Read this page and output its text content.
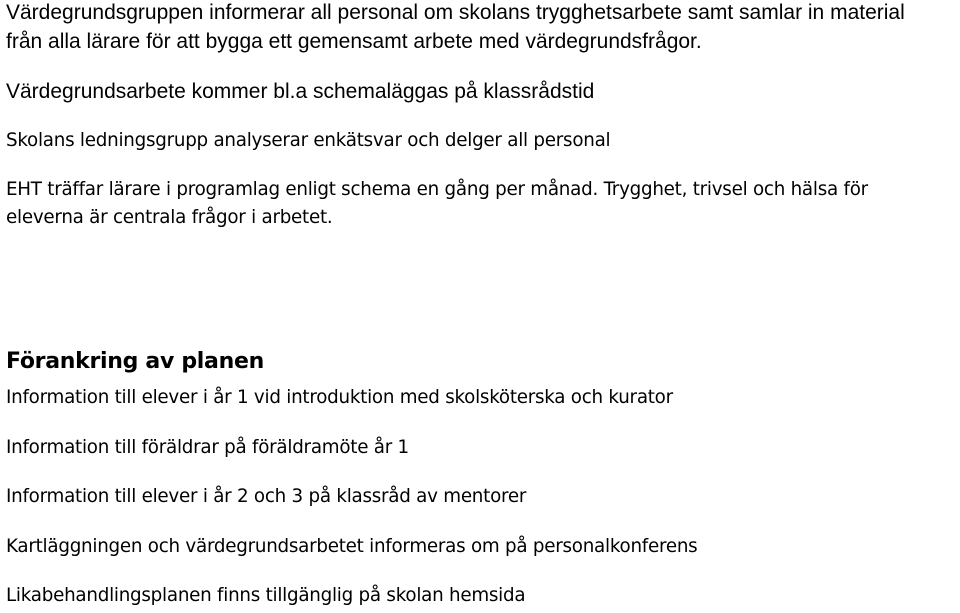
Värdegrundsgruppen informerar all personal om skolans trygghetsarbete samt samlar in material
från alla lärare för att bygga ett gemensamt arbete med värdegrundsfrågor.

Värdegrundsarbete kommer bl.a schemaläggas på klassrådstid

Skolans ledningsgrupp analyserar enkätsvar och delger all personal

EHT träffar lärare i programlag enligt schema en gång per månad. Trygghet, trivsel och hälsa för
eleverna är centrala frågor i arbetet.

Förankring av planen

Information till elever i år 1 vid introduktion med skolsköterska och kurator

Information till föräldrar på föräldramöte år 1

Information till elever i år 2 och 3 på klassråd av mentorer

Kartläggningen och värdegrundsarbetet informeras om på personalkonferens

Likabehandlingsplanen finns tillgänglig på skolan hemsida
